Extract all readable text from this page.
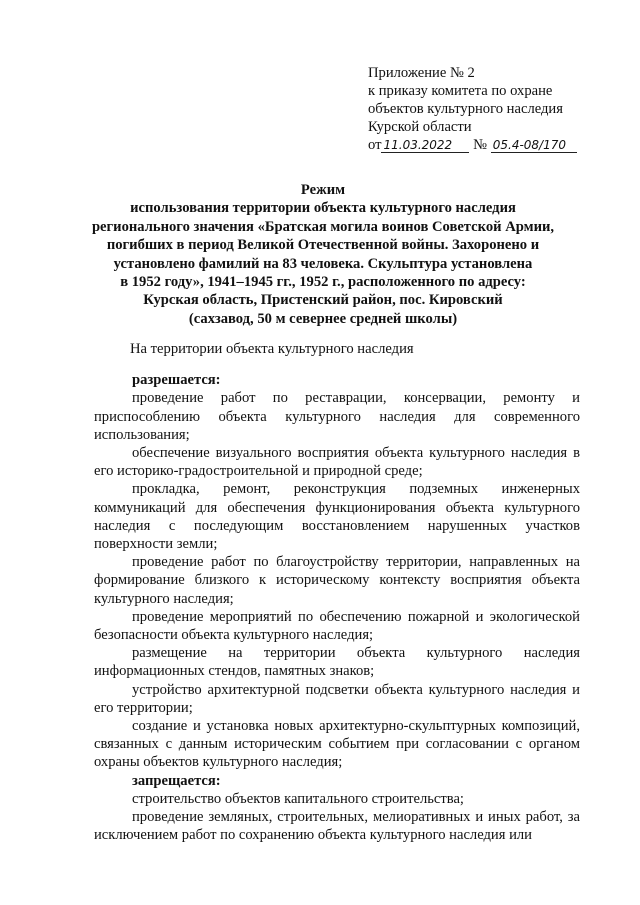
Приложение № 2
к приказу комитета по охране
объектов культурного наследия
Курской области
от 11.03.2022 № 05.4-08/170
Режим
использования территории объекта культурного наследия
регионального значения «Братская могила воинов Советской Армии,
погибших в период Великой Отечественной войны. Захоронено и
установлено фамилий на 83 человека. Скульптура установлена
в 1952 году», 1941–1945 гг., 1952 г., расположенного по адресу:
Курская область, Пристенский район, пос. Кировский
(сахзавод, 50 м севернее средней школы)
На территории объекта культурного наследия
разрешается:

проведение работ по реставрации, консервации, ремонту и приспособлению объекта культурного наследия для современного использования;

обеспечение визуального восприятия объекта культурного наследия в его историко-градостроительной и природной среде;

прокладка, ремонт, реконструкция подземных инженерных коммуникаций для обеспечения функционирования объекта культурного наследия с последующим восстановлением нарушенных участков поверхности земли;

проведение работ по благоустройству территории, направленных на формирование близкого к историческому контексту восприятия объекта культурного наследия;

проведение мероприятий по обеспечению пожарной и экологической безопасности объекта культурного наследия;

размещение на территории объекта культурного наследия информационных стендов, памятных знаков;

устройство архитектурной подсветки объекта культурного наследия и его территории;

создание и установка новых архитектурно-скульптурных композиций, связанных с данным историческим событием при согласовании с органом охраны объектов культурного наследия;

запрещается:

строительство объектов капитального строительства;

проведение земляных, строительных, мелиоративных и иных работ, за исключением работ по сохранению объекта культурного наследия или
